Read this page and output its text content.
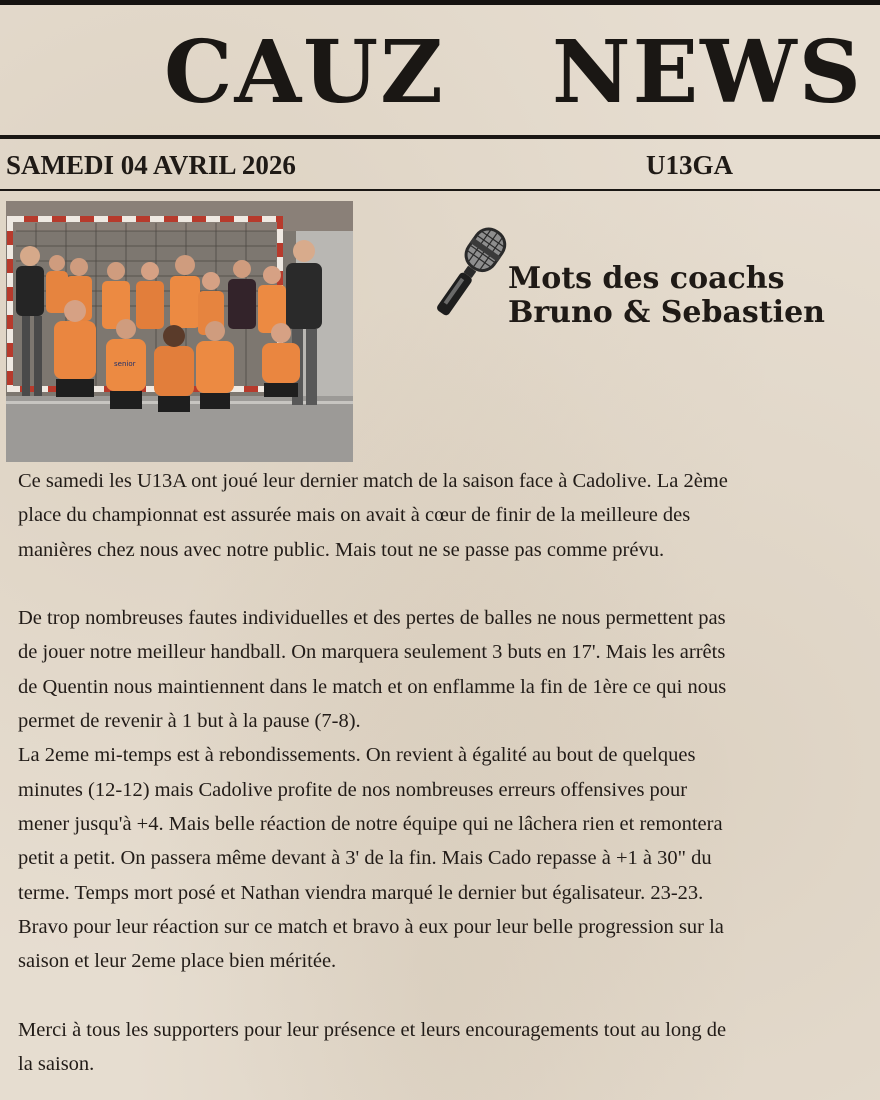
CAUZ NEWS
SAMEDI 04 AVRIL 2026	U13GA
senior
Mots des coachs
Bruno & Sebastien

Ce samedi les U13A ont joué leur dernier match de la saison face à Cadolive. La 2ème

place du championnat est assurée mais on avait à cœur de finir de la meilleure des

manières chez nous avec notre public. Mais tout ne se passe pas comme prévu.

De trop nombreuses fautes individuelles et des pertes de balles ne nous permettent pas

de jouer notre meilleur handball. On marquera seulement 3 buts en 17'. Mais les arrêts

de Quentin nous maintiennent dans le match et on enflamme la fin de 1ère ce qui nous

permet de revenir à 1 but à la pause (7-8).

La 2eme mi-temps est à rebondissements. On revient à égalité au bout de quelques

minutes (12-12) mais Cadolive profite de nos nombreuses erreurs offensives pour

mener jusqu'à +4. Mais belle réaction de notre équipe qui ne lâchera rien et remontera

petit a petit. On passera même devant à 3' de la fin. Mais Cado repasse à +1 à 30" du

terme. Temps mort posé et Nathan viendra marqué le dernier but égalisateur. 23-23.

Bravo pour leur réaction sur ce match et bravo à eux pour leur belle progression sur la

saison et leur 2eme place bien méritée.

Merci à tous les supporters pour leur présence et leurs encouragements tout au long de

la saison.
